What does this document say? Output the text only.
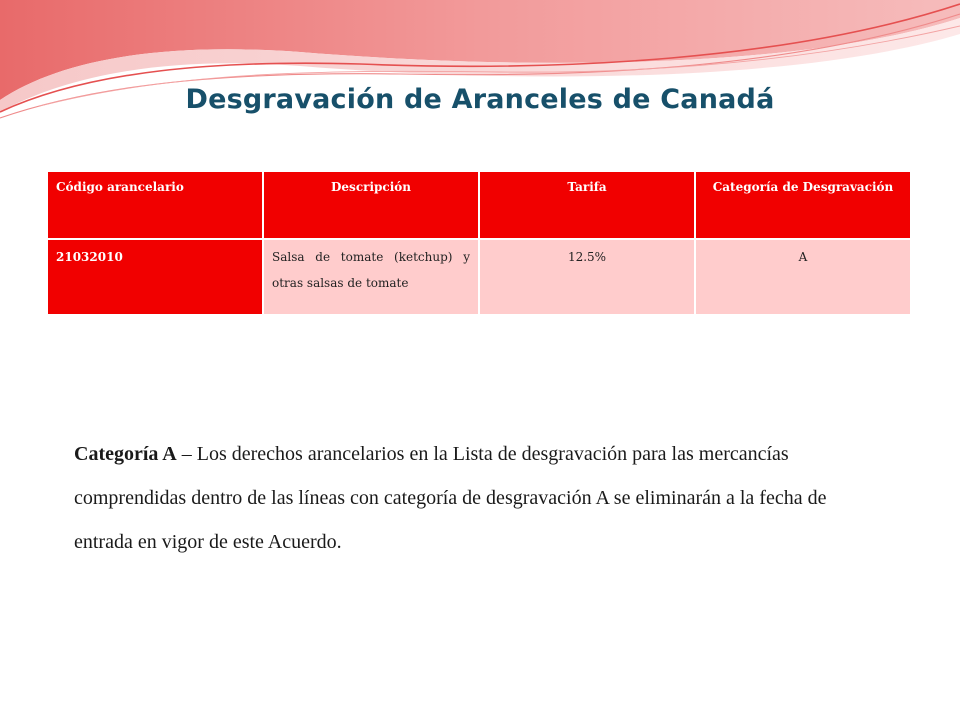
Desgravación de Aranceles de Canadá
Código arancelario	Descripción	Tarifa	Categoría de Desgravación
21032010	Salsa de tomate (ketchup) y otras salsas de tomate	12.5%	A
Categoría A – Los derechos arancelarios en la Lista de desgravación para las mercancías comprendidas dentro de las líneas con categoría de desgravación A se eliminarán a la fecha de entrada en vigor de este Acuerdo.
